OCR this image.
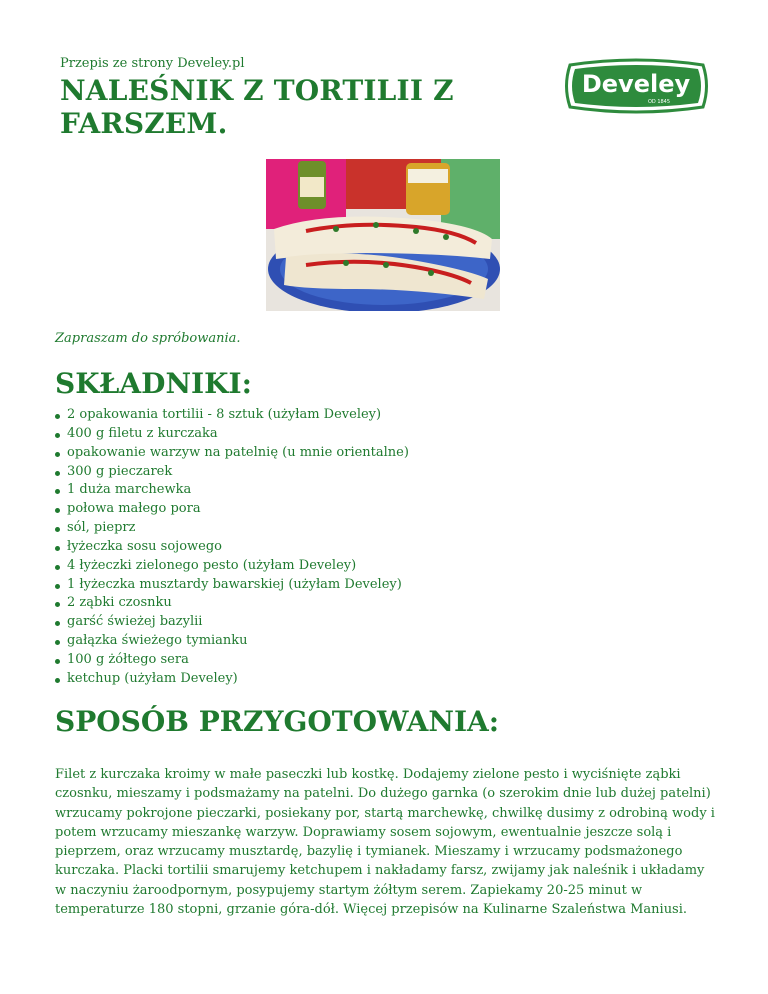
Przepis ze strony Develey.pl
NALEŚNIK Z TORTILII Z FARSZEM.
Develey
OD 1845
Zapraszam do spróbowania.
SKŁADNIKI:
2 opakowania tortilii - 8 sztuk (użyłam Develey)
400 g filetu z kurczaka
opakowanie warzyw na patelnię (u mnie orientalne)
300 g pieczarek
1 duża marchewka
połowa małego pora
sól, pieprz
łyżeczka sosu sojowego
4 łyżeczki zielonego pesto (użyłam Develey)
1 łyżeczka musztardy bawarskiej (użyłam Develey)
2 ząbki czosnku
garść świeżej bazylii
gałązka świeżego tymianku
100 g żółtego sera
ketchup (użyłam Develey)
SPOSÓB PRZYGOTOWANIA:

Filet z kurczaka kroimy w małe paseczki lub kostkę. Dodajemy zielone pesto i wyciśnięte ząbki czosnku, mieszamy i podsmażamy na patelni. Do dużego garnka (o szerokim dnie lub dużej patelni) wrzucamy pokrojone pieczarki, posiekany por, startą marchewkę, chwilkę dusimy z odrobiną wody i potem wrzucamy mieszankę warzyw. Doprawiamy sosem sojowym, ewentualnie jeszcze solą i pieprzem, oraz wrzucamy musztardę, bazylię i tymianek. Mieszamy i wrzucamy podsmażonego kurczaka. Placki tortilii smarujemy ketchupem i nakładamy farsz, zwijamy jak naleśnik i układamy w naczyniu żaroodpornym, posypujemy startym żółtym serem. Zapiekamy 20-25 minut w temperaturze 180 stopni, grzanie góra-dół. Więcej przepisów na Kulinarne Szaleństwa Maniusi.
